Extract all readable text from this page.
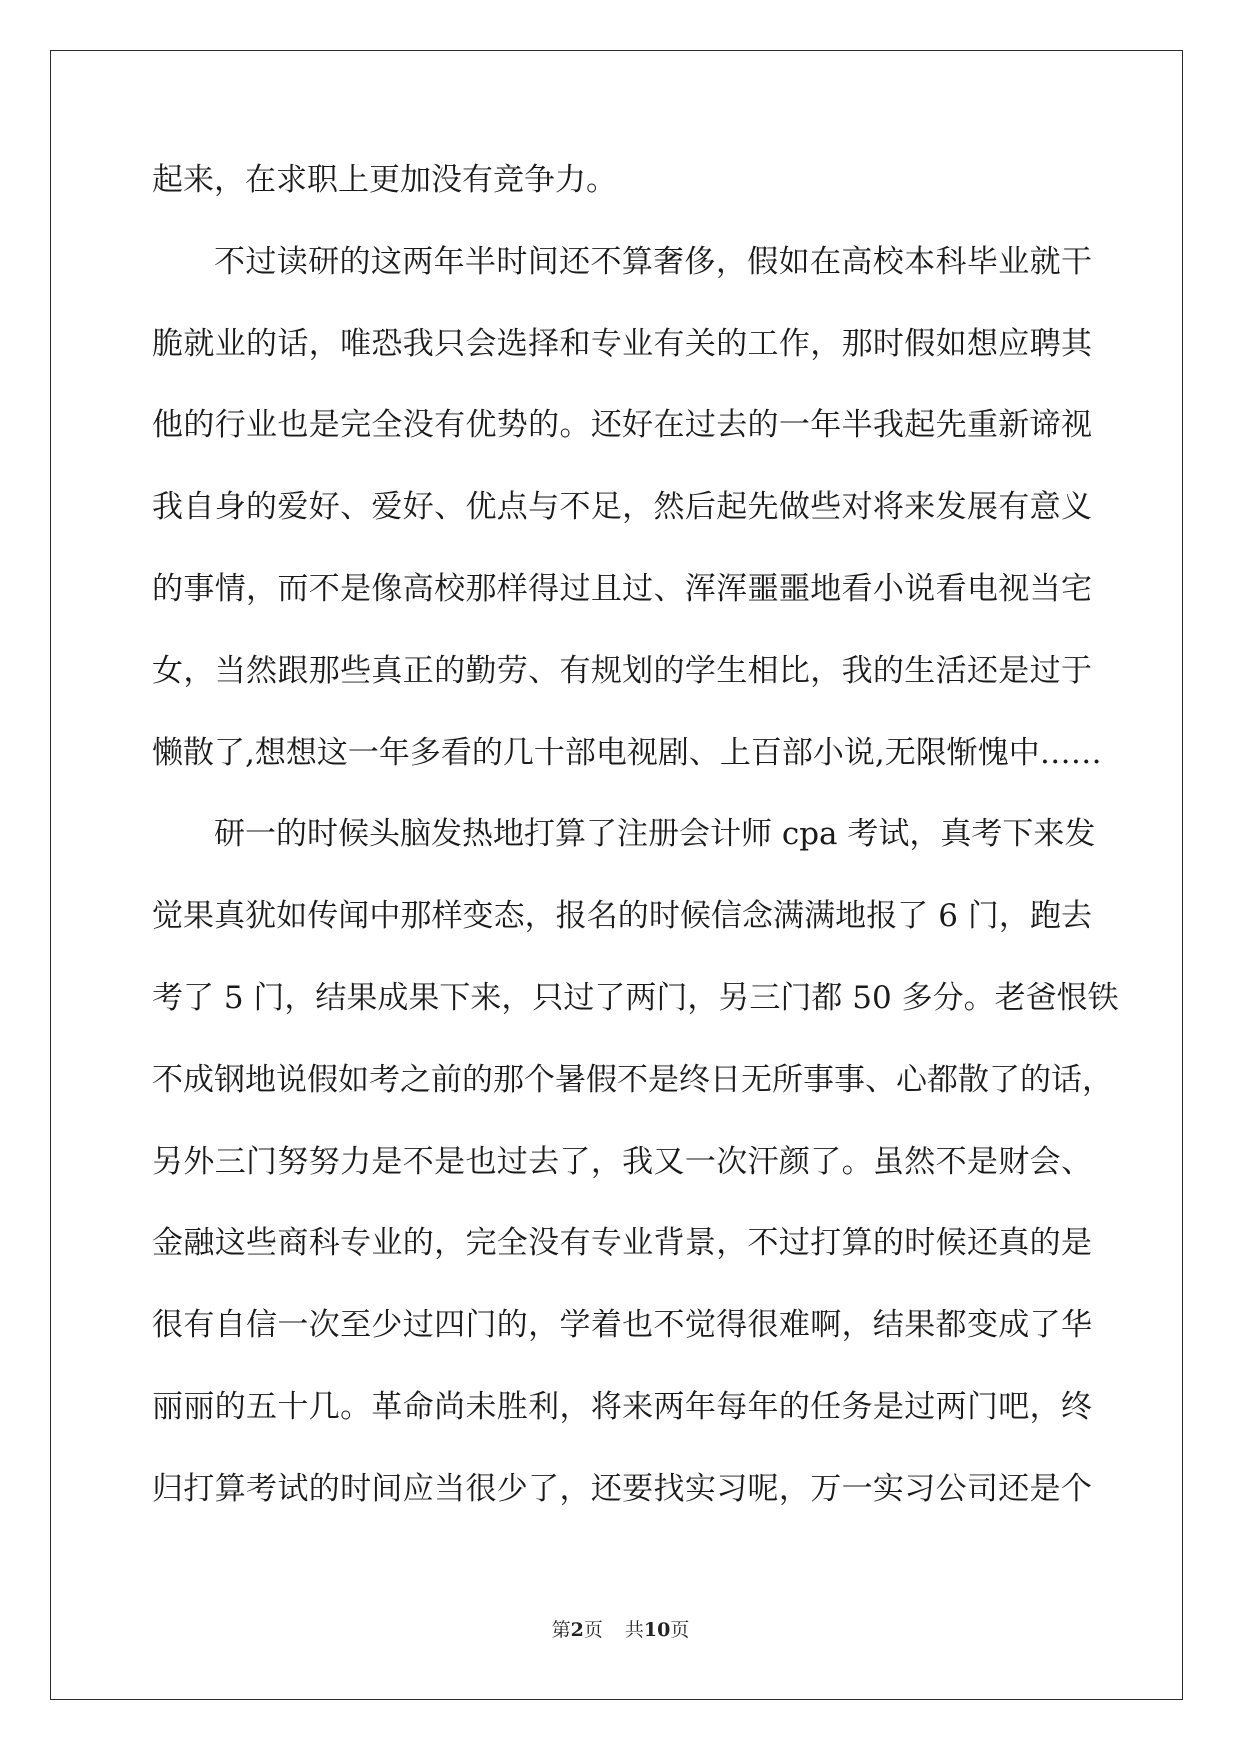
起来，在求职上更加没有竞争力。
不过读研的这两年半时间还不算奢侈，假如在高校本科毕业就干
脆就业的话，唯恐我只会选择和专业有关的工作，那时假如想应聘其
他的行业也是完全没有优势的。还好在过去的一年半我起先重新谛视
我自身的爱好、爱好、优点与不足，然后起先做些对将来发展有意义
的事情，而不是像高校那样得过且过、浑浑噩噩地看小说看电视当宅
女，当然跟那些真正的勤劳、有规划的学生相比，我的生活还是过于
懒散了,想想这一年多看的几十部电视剧、上百部小说,无限惭愧中……
研一的时候头脑发热地打算了注册会计师 cpa 考试，真考下来发
觉果真犹如传闻中那样变态，报名的时候信念满满地报了 6 门，跑去
考了 5 门，结果成果下来，只过了两门，另三门都 50 多分。老爸恨铁
不成钢地说假如考之前的那个暑假不是终日无所事事、心都散了的话，
另外三门努努力是不是也过去了，我又一次汗颜了。虽然不是财会、
金融这些商科专业的，完全没有专业背景，不过打算的时候还真的是
很有自信一次至少过四门的，学着也不觉得很难啊，结果都变成了华
丽丽的五十几。革命尚未胜利，将来两年每年的任务是过两门吧，终
归打算考试的时间应当很少了，还要找实习呢，万一实习公司还是个
第2页 共10页
